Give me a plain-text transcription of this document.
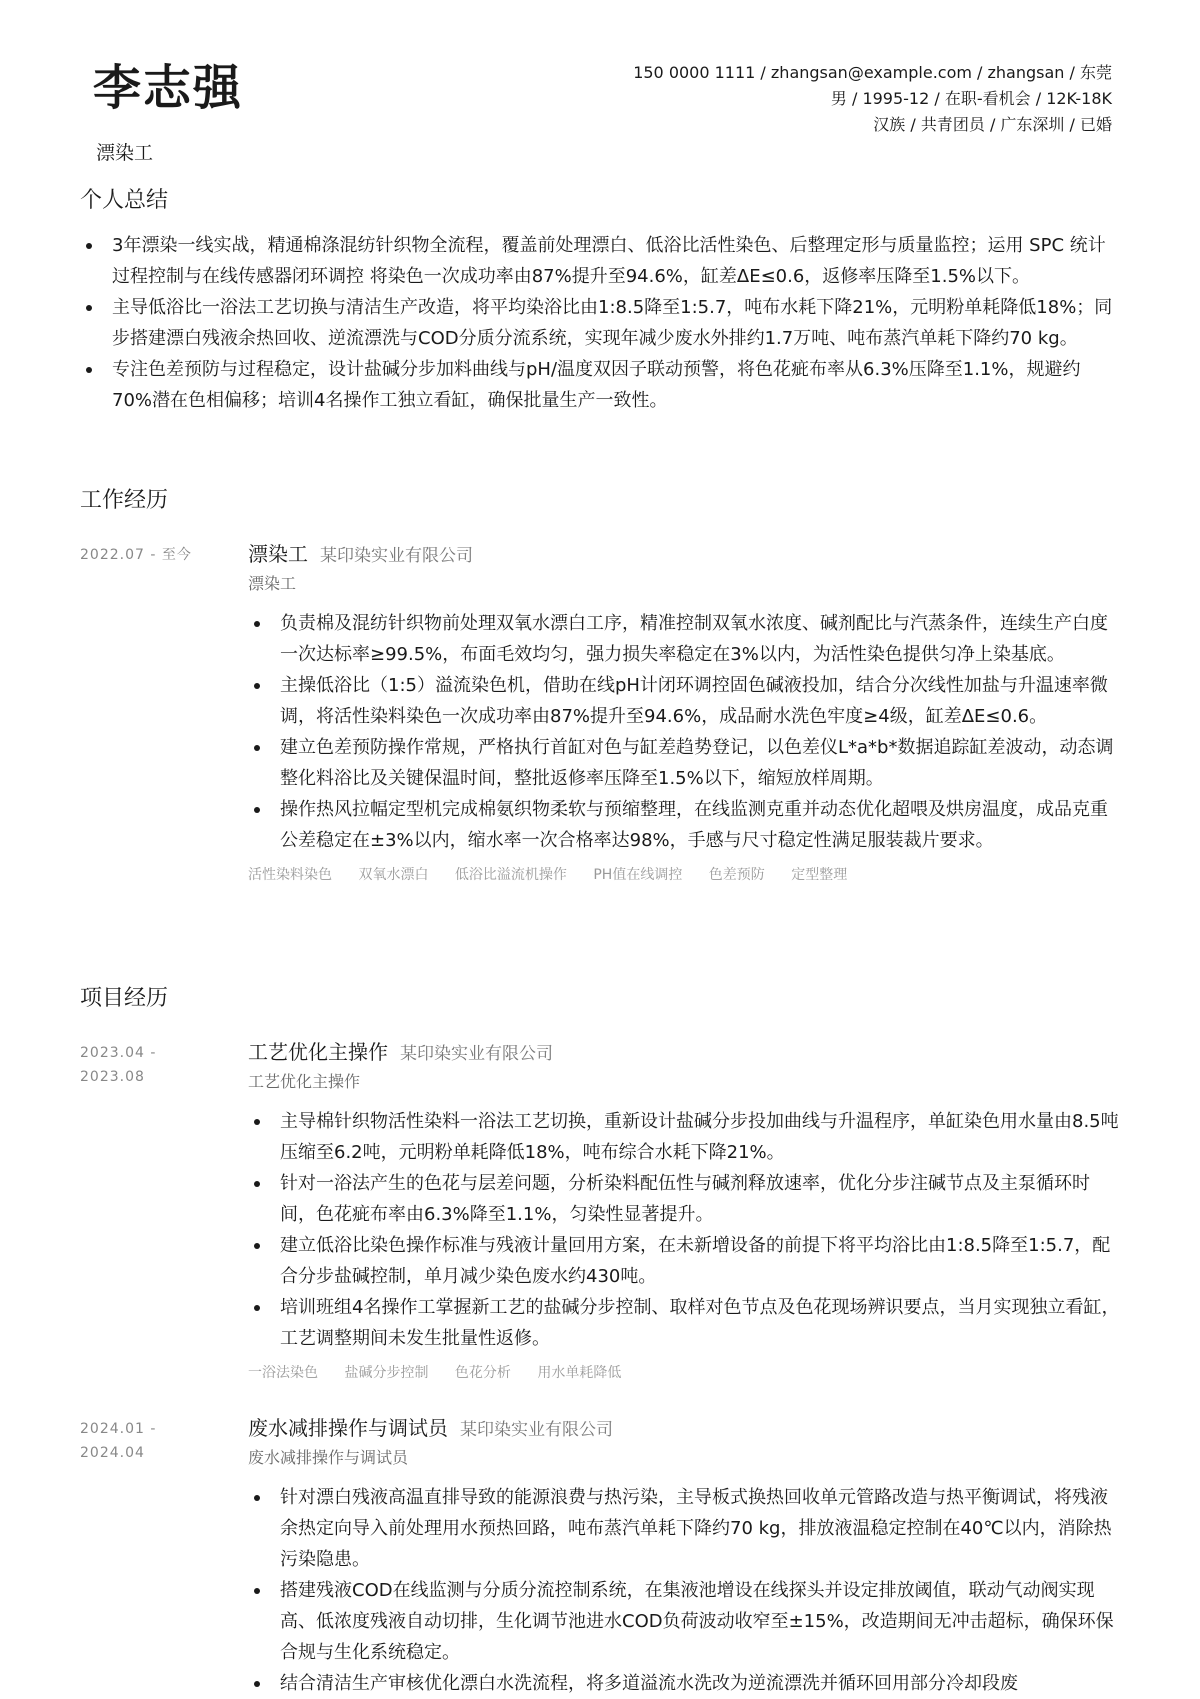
李志强
漂染工
150 0000 1111 / zhangsan@example.com / zhangsan / 东莞
男 / 1995-12 / 在职-看机会 / 12K-18K
汉族 / 共青团员 / 广东深圳 / 已婚
个人总结
3年漂染一线实战，精通棉涤混纺针织物全流程，覆盖前处理漂白、低浴比活性染色、后整理定形与质量监控；运用 SPC 统计过程控制与在线传感器闭环调控 将染色一次成功率由87%提升至94.6%，缸差ΔE≤0.6，返修率压降至1.5%以下。
主导低浴比一浴法工艺切换与清洁生产改造，将平均染浴比由1:8.5降至1:5.7，吨布水耗下降21%，元明粉单耗降低18%；同步搭建漂白残液余热回收、逆流漂洗与COD分质分流系统，实现年减少废水外排约1.7万吨、吨布蒸汽单耗下降约70 kg。
专注色差预防与过程稳定，设计盐碱分步加料曲线与pH/温度双因子联动预警，将色花疵布率从6.3%压降至1.1%，规避约70%潜在色相偏移；培训4名操作工独立看缸，确保批量生产一致性。
工作经历
2022.07 - 至今	漂染工 某印染实业有限公司
漂染工
负责棉及混纺针织物前处理双氧水漂白工序，精准控制双氧水浓度、碱剂配比与汽蒸条件，连续生产白度一次达标率≥99.5%，布面毛效均匀，强力损失率稳定在3%以内，为活性染色提供匀净上染基底。
主操低浴比（1:5）溢流染色机，借助在线pH计闭环调控固色碱液投加，结合分次线性加盐与升温速率微调，将活性染料染色一次成功率由87%提升至94.6%，成品耐水洗色牢度≥4级，缸差ΔE≤0.6。
建立色差预防操作常规，严格执行首缸对色与缸差趋势登记，以色差仪L*a*b*数据追踪缸差波动，动态调整化料浴比及关键保温时间，整批返修率压降至1.5%以下，缩短放样周期。
操作热风拉幅定型机完成棉氨织物柔软与预缩整理，在线监测克重并动态优化超喂及烘房温度，成品克重公差稳定在±3%以内，缩水率一次合格率达98%，手感与尺寸稳定性满足服装裁片要求。
活性染料染色 双氧水漂白 低浴比溢流机操作 PH值在线调控 色差预防 定型整理
项目经历
2023.04 - 2023.08
工艺优化主操作 某印染实业有限公司
工艺优化主操作
主导棉针织物活性染料一浴法工艺切换，重新设计盐碱分步投加曲线与升温程序，单缸染色用水量由8.5吨压缩至6.2吨，元明粉单耗降低18%，吨布综合水耗下降21%。
针对一浴法产生的色花与层差问题，分析染料配伍性与碱剂释放速率，优化分步注碱节点及主泵循环时间，色花疵布率由6.3%降至1.1%，匀染性显著提升。
建立低浴比染色操作标准与残液计量回用方案，在未新增设备的前提下将平均浴比由1:8.5降至1:5.7，配合分步盐碱控制，单月减少染色废水约430吨。
培训班组4名操作工掌握新工艺的盐碱分步控制、取样对色节点及色花现场辨识要点，当月实现独立看缸，工艺调整期间未发生批量性返修。
一浴法染色 盐碱分步控制 色花分析 用水单耗降低
2024.01 - 2024.04
废水减排操作与调试员 某印染实业有限公司
废水减排操作与调试员
针对漂白残液高温直排导致的能源浪费与热污染，主导板式换热回收单元管路改造与热平衡调试，将残液余热定向导入前处理用水预热回路，吨布蒸汽单耗下降约70 kg，排放液温稳定控制在40℃以内，消除热污染隐患。
搭建残液COD在线监测与分质分流控制系统，在集液池增设在线探头并设定排放阈值，联动气动阀实现高、低浓度残液自动切排，生化调节池进水COD负荷波动收窄至±15%，改造期间无冲击超标，确保环保合规与生化系统稳定。
结合清洁生产审核优化漂白水洗流程，将多道溢流水洗改为逆流漂洗并循环回用部分冷却段废
